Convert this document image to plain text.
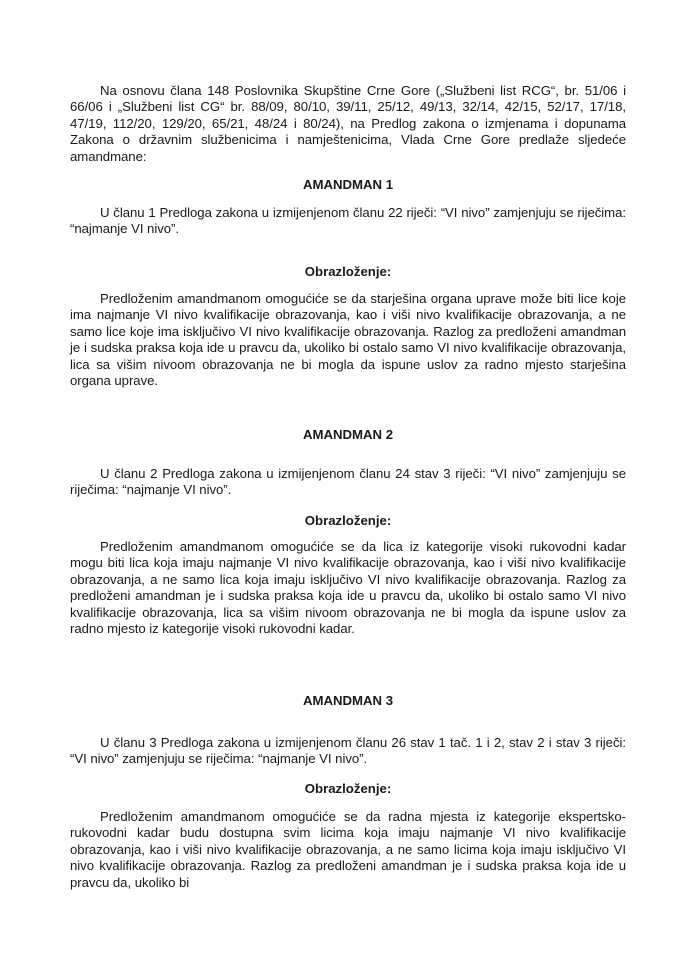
Na osnovu člana 148 Poslovnika Skupštine Crne Gore („Službeni list RCG“, br. 51/06 i 66/06 i „Službeni list CG“ br. 88/09, 80/10, 39/11, 25/12, 49/13, 32/14, 42/15, 52/17, 17/18, 47/19, 112/20, 129/20, 65/21, 48/24 i 80/24), na Predlog zakona o izmjenama i dopunama Zakona o državnim službenicima i namještenicima, Vlada Crne Gore predlaže sljedeće amandmane:

AMANDMAN 1

U članu 1 Predloga zakona u izmijenjenom članu 22 riječi: “VI nivo” zamjenjuju se riječima: “najmanje VI nivo”.

Obrazloženje:

Predloženim amandmanom omogućiće se da starješina organa uprave može biti lice koje ima najmanje VI nivo kvalifikacije obrazovanja, kao i viši nivo kvalifikacije obrazovanja, a ne samo lice koje ima isključivo VI nivo kvalifikacije obrazovanja. Razlog za predloženi amandman je i sudska praksa koja ide u pravcu da, ukoliko bi ostalo samo VI nivo kvalifikacije obrazovanja, lica sa višim nivoom obrazovanja ne bi mogla da ispune uslov za radno mjesto starješina organa uprave.

AMANDMAN 2

U članu 2 Predloga zakona u izmijenjenom članu 24 stav 3 riječi: “VI nivo” zamjenjuju se riječima: “najmanje VI nivo”.

Obrazloženje:

Predloženim amandmanom omogućiće se da lica iz kategorije visoki rukovodni kadar mogu biti lica koja imaju najmanje VI nivo kvalifikacije obrazovanja, kao i viši nivo kvalifikacije obrazovanja, a ne samo lica koja imaju isključivo VI nivo kvalifikacije obrazovanja. Razlog za predloženi amandman je i sudska praksa koja ide u pravcu da, ukoliko bi ostalo samo VI nivo kvalifikacije obrazovanja, lica sa višim nivoom obrazovanja ne bi mogla da ispune uslov za radno mjesto iz kategorije visoki rukovodni kadar.

AMANDMAN 3

U članu 3 Predloga zakona u izmijenjenom članu 26 stav 1 tač. 1 i 2, stav 2 i stav 3 riječi: “VI nivo” zamjenjuju se riječima: “najmanje VI nivo”.

Obrazloženje:

Predloženim amandmanom omogućiće se da radna mjesta iz kategorije ekspertsko-rukovodni kadar budu dostupna svim licima koja imaju najmanje VI nivo kvalifikacije obrazovanja, kao i viši nivo kvalifikacije obrazovanja, a ne samo licima koja imaju isključivo VI nivo kvalifikacije obrazovanja. Razlog za predloženi amandman je i sudska praksa koja ide u pravcu da, ukoliko bi
